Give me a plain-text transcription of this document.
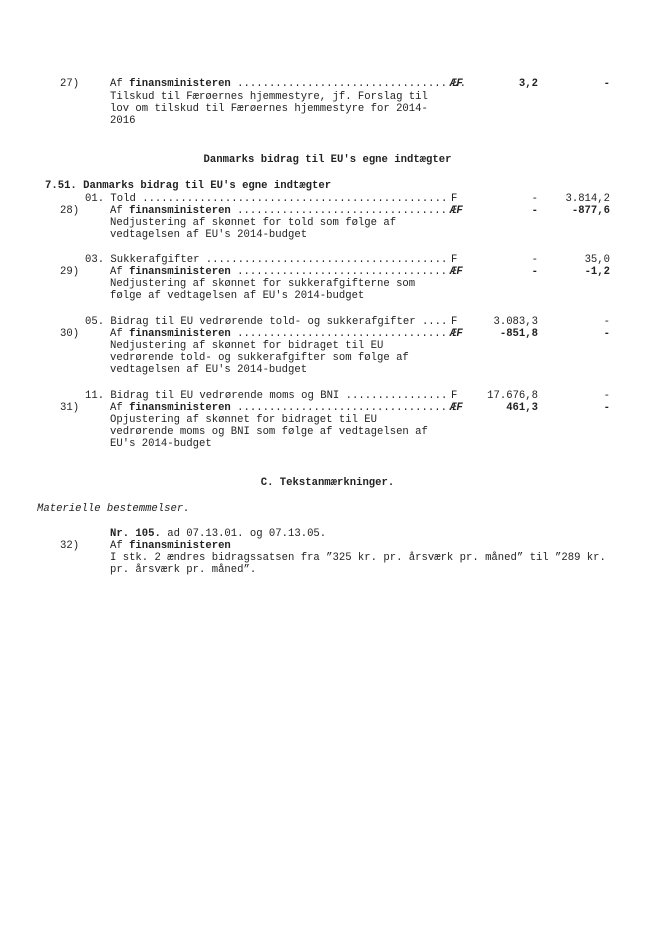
27)	Af finansministeren .....	ÆF	3,2	-
Tilskud til Færøernes hjemmestyre, jf. Forslag til lov om tilskud til Færøernes hjemmestyre for 2014-2016
Danmarks bidrag til EU's egne indtægter
7.51. Danmarks bidrag til EU's egne indtægter
01. Told .....	F	-	3.814,2
28)	Af finansministeren .....	ÆF	-	-877,6
Nedjustering af skønnet for told som følge af vedtagelsen af EU's 2014-budget
03. Sukkerafgifter .....	F	-	35,0
29)	Af finansministeren .....	ÆF	-	-1,2
Nedjustering af skønnet for sukkerafgifterne som følge af vedtagelsen af EU's 2014-budget
05. Bidrag til EU vedrørende told- og sukkerafgifter .....	F	3.083,3	-
30)	Af finansministeren .....	ÆF	-851,8	-
Nedjustering af skønnet for bidraget til EU vedrørende told- og sukkerafgifter som følge af vedtagelsen af EU's 2014-budget
11. Bidrag til EU vedrørende moms og BNI .....	F	17.676,8	-
31)	Af finansministeren .....	ÆF	461,3	-
Opjustering af skønnet for bidraget til EU vedrørende moms og BNI som følge af vedtagelsen af EU's 2014-budget
C. Tekstanmærkninger.
Materielle bestemmelser.
Nr. 105. ad 07.13.01. og 07.13.05.
32)	Af finansministeren
I stk. 2 ændres bidragssatsen fra ”325 kr. pr. årsværk pr. måned” til ”289 kr. pr. årsværk pr. måned”.
